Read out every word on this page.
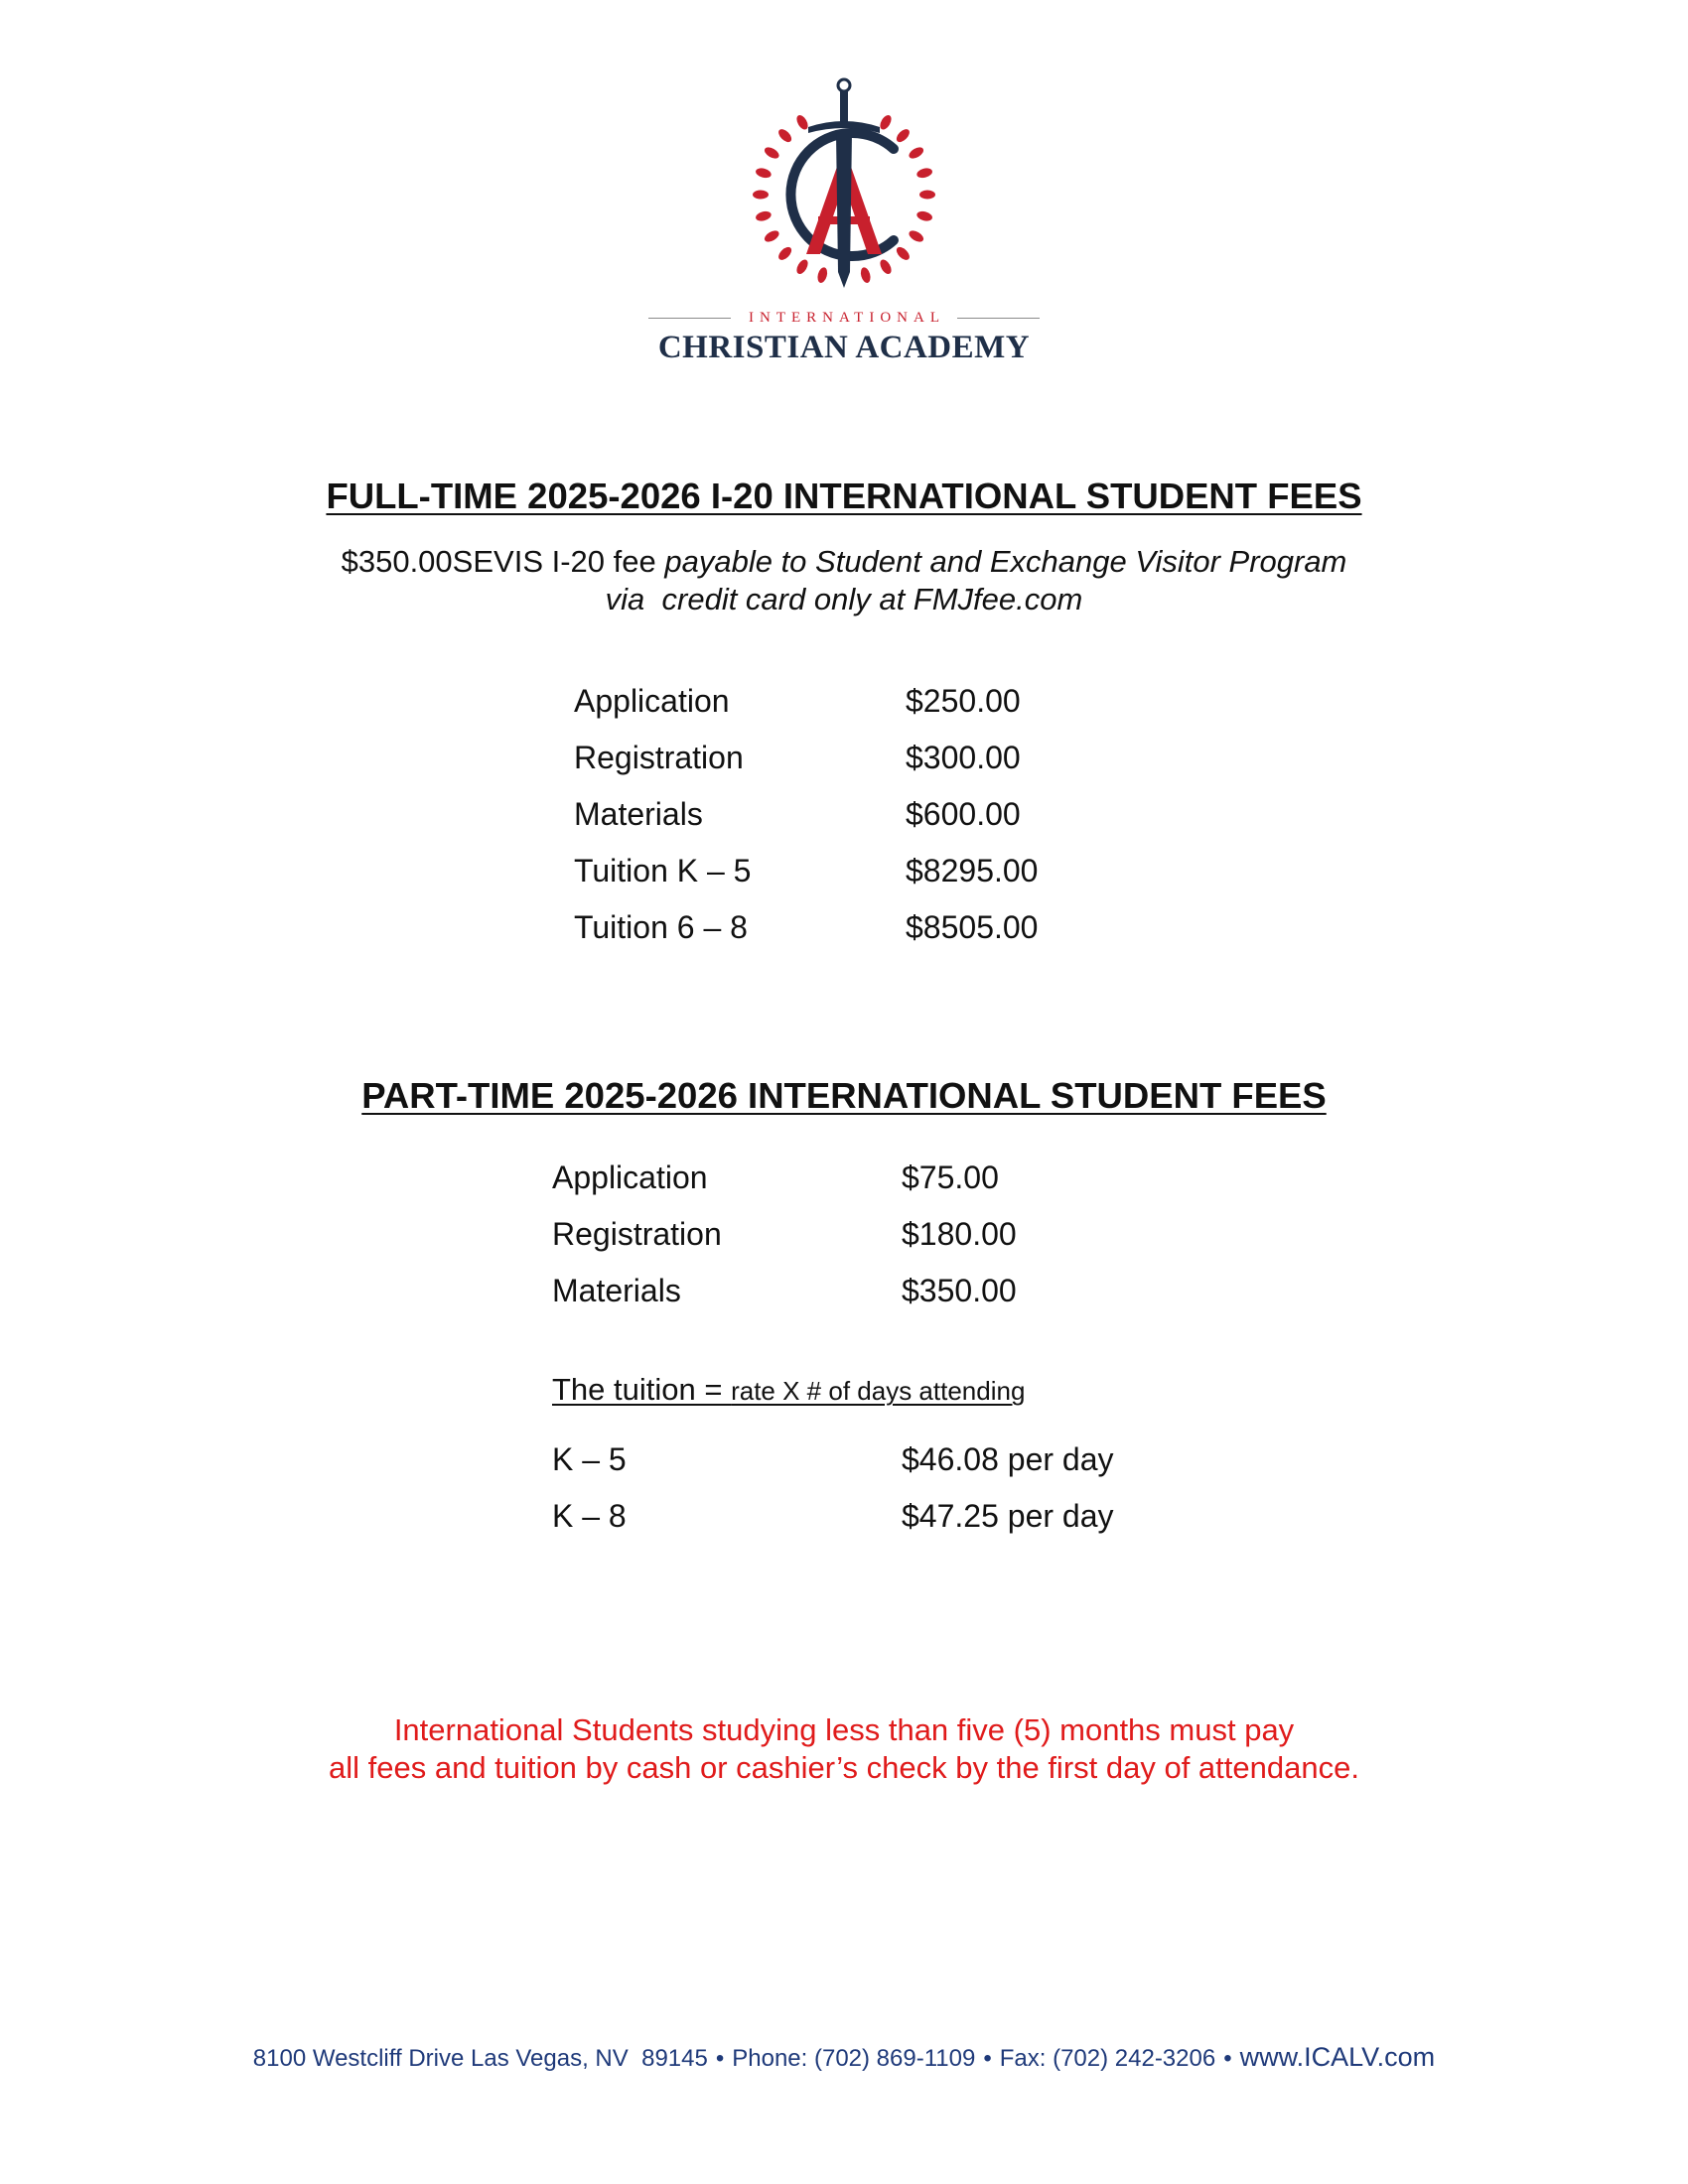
INTERNATIONAL
CHRISTIAN ACADEMY
FULL-TIME 2025-2026 I-20 INTERNATIONAL STUDENT FEES
$350.00SEVIS I-20 fee payable to Student and Exchange Visitor Program
via  credit card only at FMJfee.com
Application	$250.00
Registration	$300.00
Materials	$600.00
Tuition K – 5	$8295.00
Tuition 6 – 8	$8505.00
PART-TIME 2025-2026 INTERNATIONAL STUDENT FEES
Application	$75.00
Registration	$180.00
Materials	$350.00
The tuition = rate X # of days attending
K – 5	$46.08 per day
K – 8	$47.25 per day
International Students studying less than five (5) months must pay
all fees and tuition by cash or cashier’s check by the first day of attendance.
8100 Westcliff Drive Las Vegas, NV  89145 • Phone: (702) 869-1109 • Fax: (702) 242-3206 • www.ICALV.com
